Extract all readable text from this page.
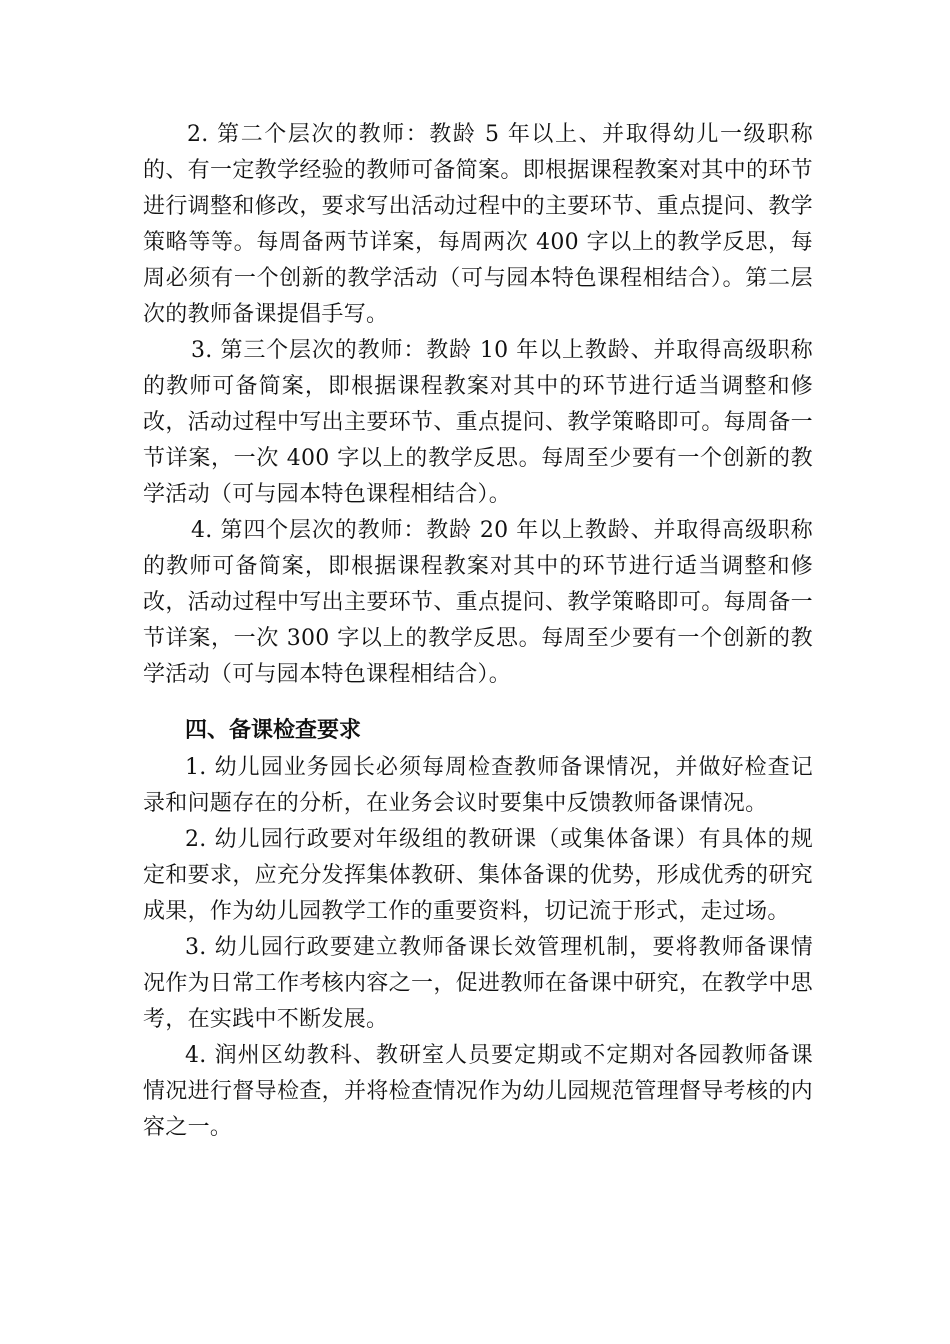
2. 第二个层次的教师：教龄 5 年以上、并取得幼儿一级职称的、有一定教学经验的教师可备简案。即根据课程教案对其中的环节进行调整和修改，要求写出活动过程中的主要环节、重点提问、教学策略等等。每周备两节详案，每周两次 400 字以上的教学反思，每周必须有一个创新的教学活动（可与园本特色课程相结合）。第二层次的教师备课提倡手写。

3. 第三个层次的教师：教龄 10 年以上教龄、并取得高级职称的教师可备简案，即根据课程教案对其中的环节进行适当调整和修改，活动过程中写出主要环节、重点提问、教学策略即可。每周备一节详案，一次 400 字以上的教学反思。每周至少要有一个创新的教学活动（可与园本特色课程相结合）。

4. 第四个层次的教师：教龄 20 年以上教龄、并取得高级职称的教师可备简案，即根据课程教案对其中的环节进行适当调整和修改，活动过程中写出主要环节、重点提问、教学策略即可。每周备一节详案，一次 300 字以上的教学反思。每周至少要有一个创新的教学活动（可与园本特色课程相结合）。

四、备课检查要求

1. 幼儿园业务园长必须每周检查教师备课情况，并做好检查记录和问题存在的分析，在业务会议时要集中反馈教师备课情况。

2. 幼儿园行政要对年级组的教研课（或集体备课）有具体的规定和要求，应充分发挥集体教研、集体备课的优势，形成优秀的研究成果，作为幼儿园教学工作的重要资料，切记流于形式，走过场。

3. 幼儿园行政要建立教师备课长效管理机制，要将教师备课情况作为日常工作考核内容之一，促进教师在备课中研究，在教学中思考，在实践中不断发展。

4. 润州区幼教科、教研室人员要定期或不定期对各园教师备课情况进行督导检查，并将检查情况作为幼儿园规范管理督导考核的内容之一。
